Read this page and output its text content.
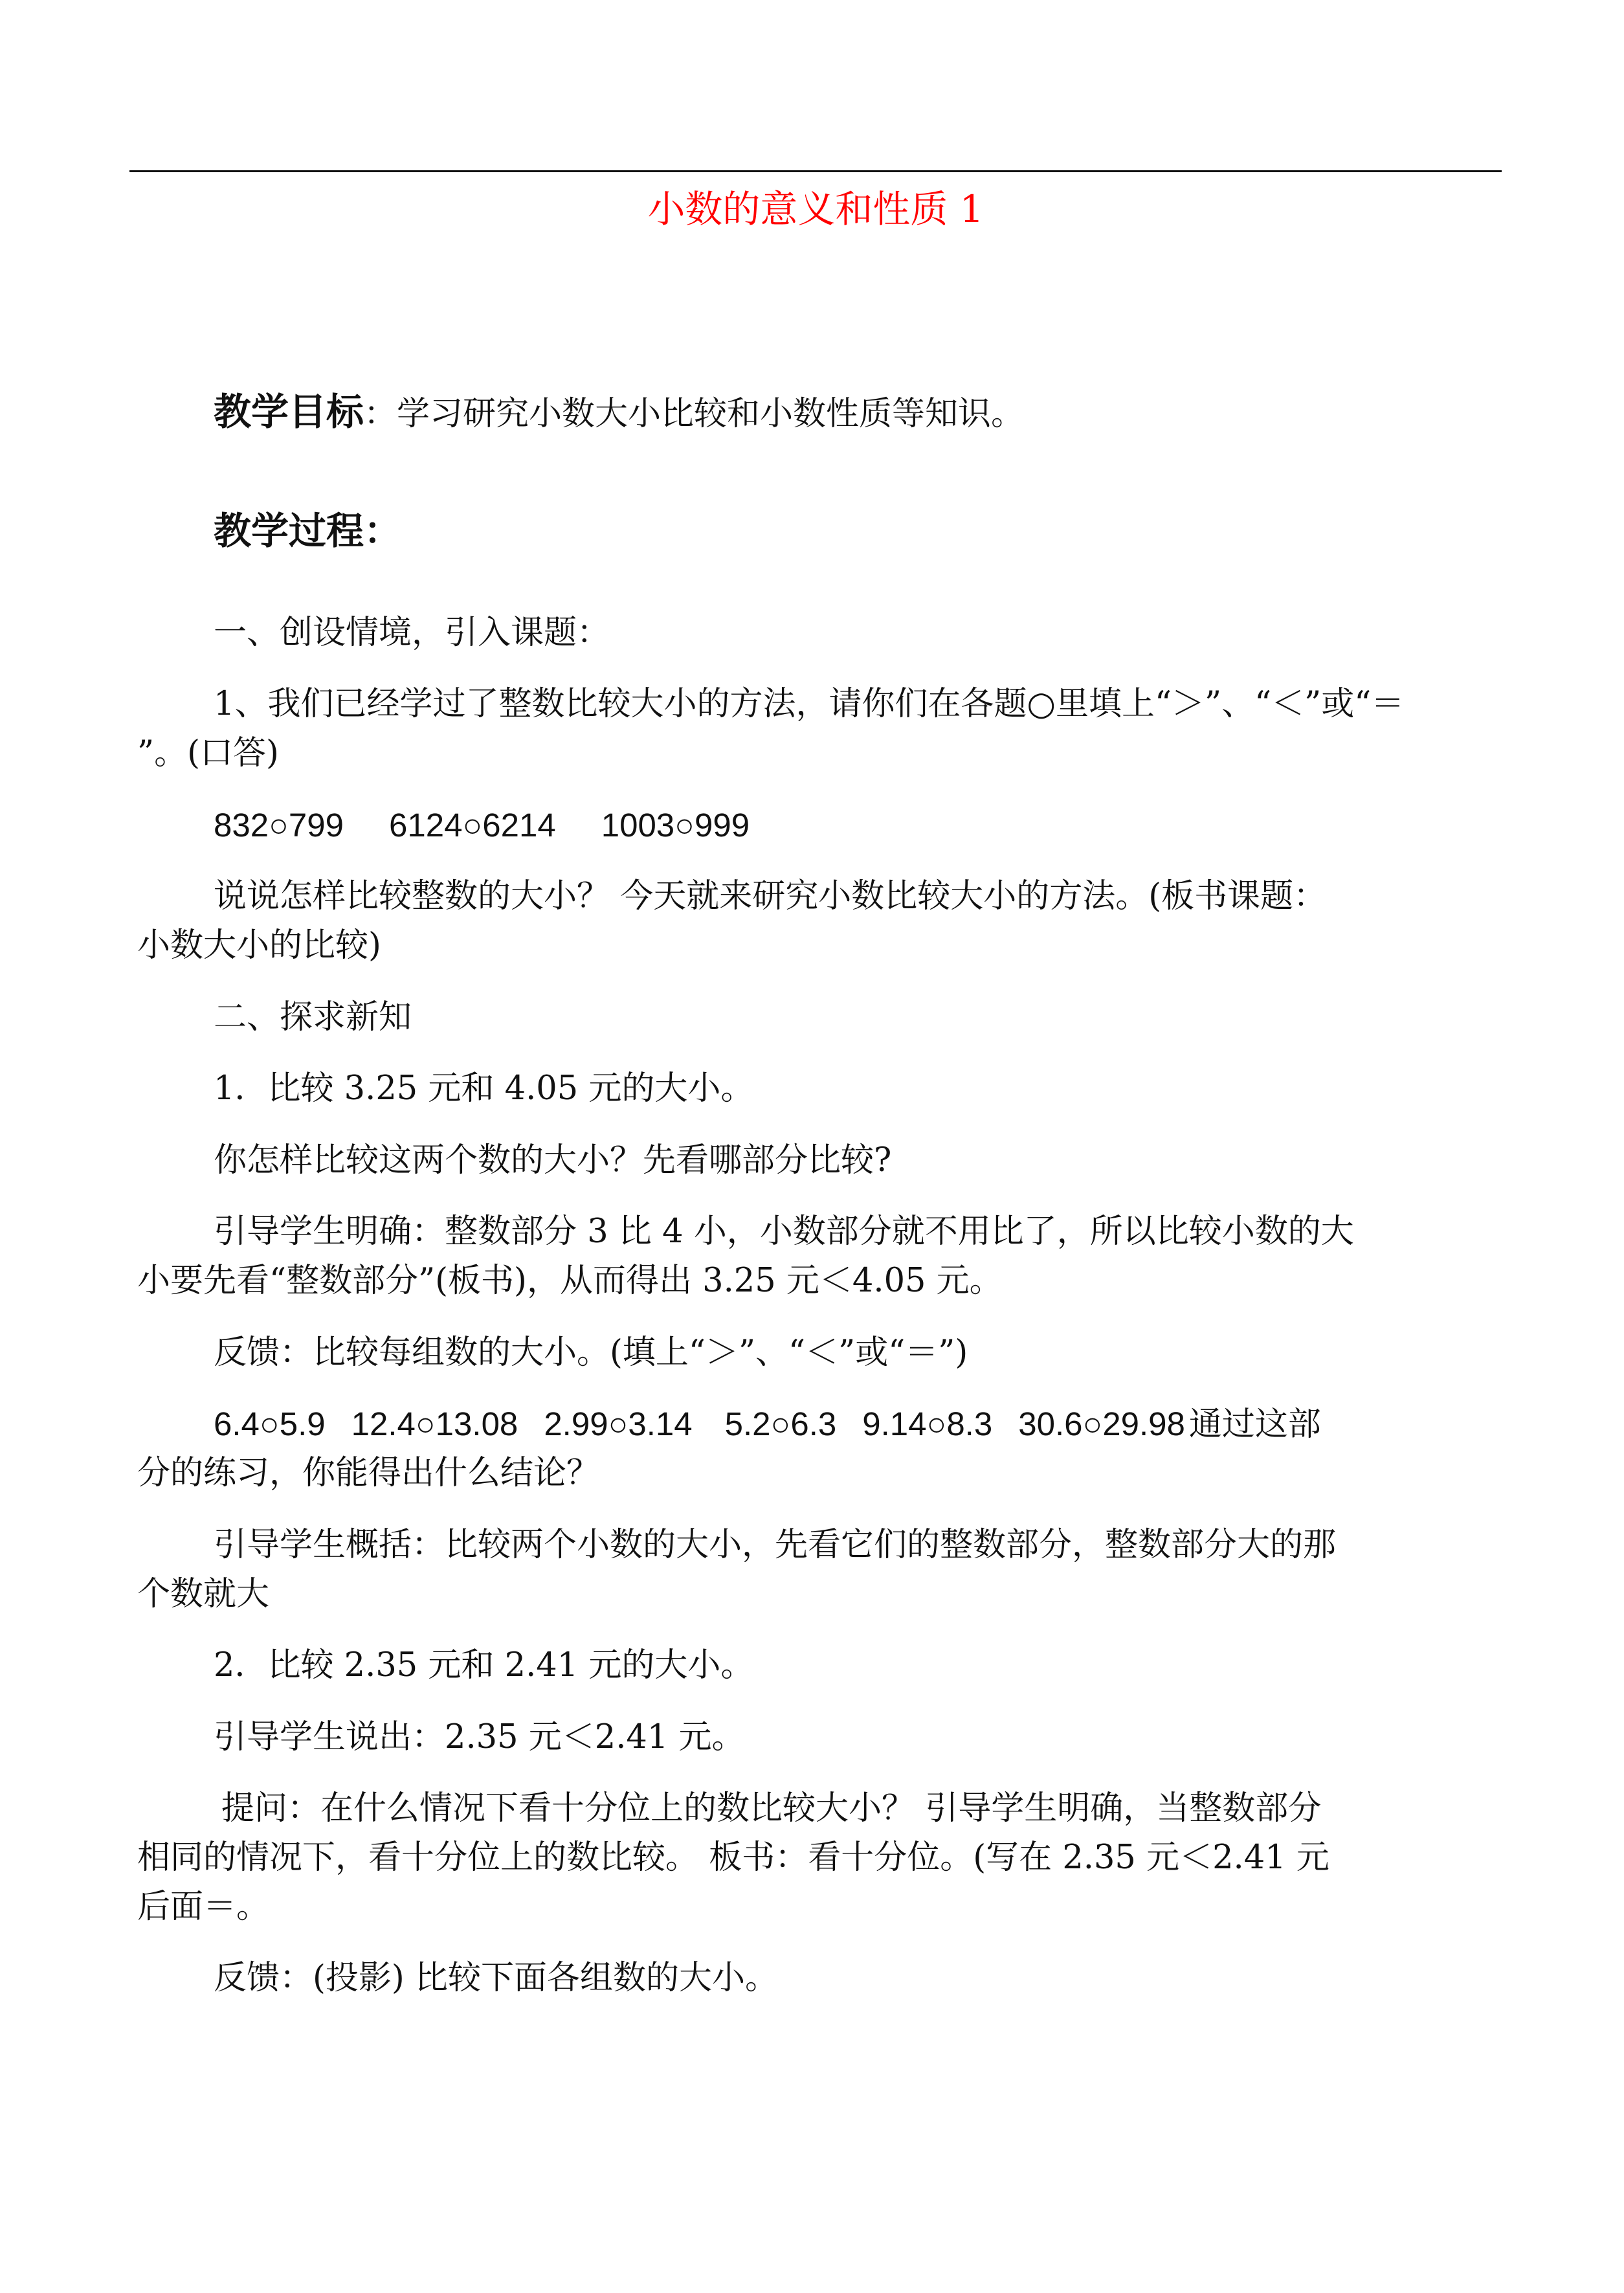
小数的意义和性质 1
教学目标：学习研究小数大小比较和小数性质等知识。
教学过程：
一、创设情境，引入课题：
1、我们已经学过了整数比较大小的方法，请你们在各题○里填上“＞”、“＜”或“＝
”。(口答)
832○799 6124○6214 1003○999
说说怎样比较整数的大小？ 今天就来研究小数比较大小的方法。(板书课题：
小数大小的比较)
二、探求新知
1．比较 3.25 元和 4.05 元的大小。
你怎样比较这两个数的大小？先看哪部分比较?
引导学生明确：整数部分 3 比 4 小，小数部分就不用比了，所以比较小数的大
小要先看“整数部分”(板书)，从而得出 3.25 元＜4.05 元。
反馈：比较每组数的大小。(填上“＞”、“＜”或“＝”)
6.4○5.9 12.4○13.08 2.99○3.14 5.2○6.3 9.14○8.3 30.6○29.98 通过这部
分的练习，你能得出什么结论？
引导学生概括：比较两个小数的大小，先看它们的整数部分，整数部分大的那
个数就大
2．比较 2.35 元和 2.41 元的大小。
引导学生说出：2.35 元＜2.41 元。
提问：在什么情况下看十分位上的数比较大小？ 引导学生明确，当整数部分
相同的情况下，看十分位上的数比较。 板书：看十分位。(写在 2.35 元＜2.41 元
后面＝。
反馈：(投影) 比较下面各组数的大小。
